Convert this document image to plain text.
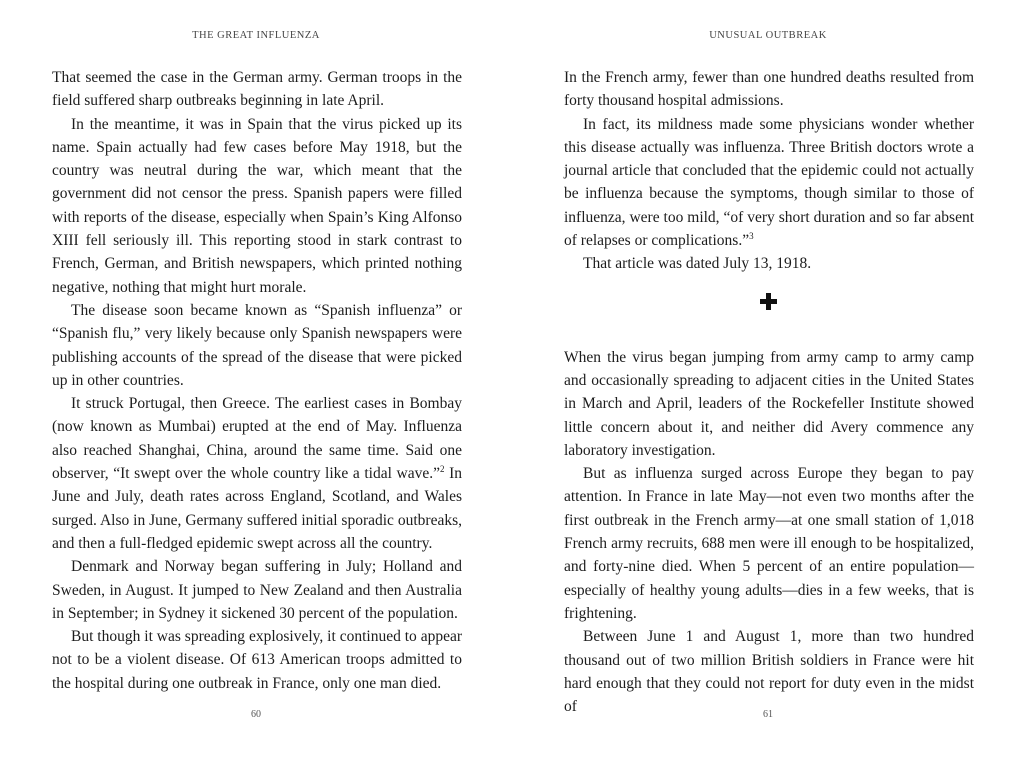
THE GREAT INFLUENZA

That seemed the case in the German army. German troops in the field suffered sharp outbreaks beginning in late April.

In the meantime, it was in Spain that the virus picked up its name. Spain actually had few cases before May 1918, but the country was neutral during the war, which meant that the government did not censor the press. Spanish papers were filled with reports of the disease, especially when Spain’s King Alfonso XIII fell seriously ill. This reporting stood in stark contrast to French, German, and British newspapers, which printed nothing negative, nothing that might hurt morale.

The disease soon became known as “Spanish influenza” or “Spanish flu,” very likely because only Spanish newspapers were publishing accounts of the spread of the disease that were picked up in other countries.

It struck Portugal, then Greece. The earliest cases in Bombay (now known as Mumbai) erupted at the end of May. Influenza also reached Shanghai, China, around the same time. Said one observer, “It swept over the whole country like a tidal wave.”$^2$ In June and July, death rates across England, Scotland, and Wales surged. Also in June, Germany suffered initial sporadic outbreaks, and then a full-fledged epidemic swept across all the country.

Denmark and Norway began suffering in July; Holland and Sweden, in August. It jumped to New Zealand and then Australia in September; in Sydney it sickened 30 percent of the population.

But though it was spreading explosively, it continued to appear not to be a violent disease. Of 613 American troops admitted to the hospital during one outbreak in France, only one man died.

60
UNUSUAL OUTBREAK

In the French army, fewer than one hundred deaths resulted from forty thousand hospital admissions.

In fact, its mildness made some physicians wonder whether this disease actually was influenza. Three British doctors wrote a journal article that concluded that the epidemic could not actually be influenza because the symptoms, though similar to those of influenza, were too mild, “of very short duration and so far absent of relapses or complications.”$^3$

That article was dated July 13, 1918.

When the virus began jumping from army camp to army camp and occasionally spreading to adjacent cities in the United States in March and April, leaders of the Rockefeller Institute showed little concern about it, and neither did Avery commence any laboratory investigation.

But as influenza surged across Europe they began to pay attention. In France in late May—not even two months after the first outbreak in the French army—at one small station of 1,018 French army recruits, 688 men were ill enough to be hospitalized, and forty-nine died. When 5 percent of an entire population—especially of healthy young adults—dies in a few weeks, that is frightening.

Between June 1 and August 1, more than two hundred thousand out of two million British soldiers in France were hit hard enough that they could not report for duty even in the midst of	61
